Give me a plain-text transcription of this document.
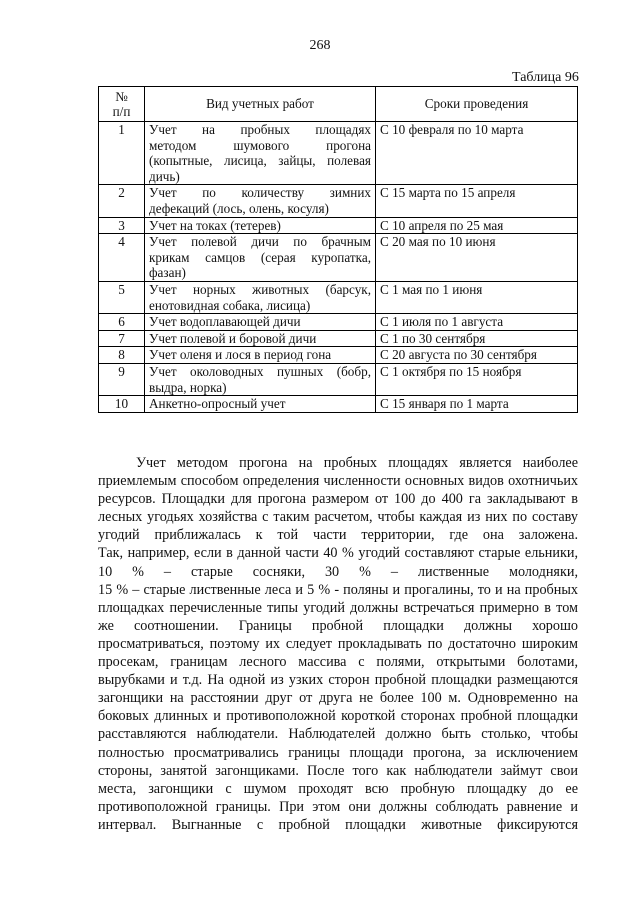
268
Таблица 96
№
п/п	Вид учетных работ	Сроки проведения
1	Учет на пробных площадях
методом шумового прогона
(копытные, лисица, зайцы, полевая
дичь)	С 10 февраля по 10 марта
2	Учет по количеству зимних
дефекаций (лось, олень, косуля)	С 15 марта по 15 апреля
3	Учет на токах (тетерев)	С 10 апреля по 25 мая
4	Учет полевой дичи по брачным
крикам самцов (серая куропатка,
фазан)	С 20 мая по 10 июня
5	Учет норных животных (барсук,
енотовидная собака, лисица)	С 1 мая по 1 июня
6	Учет водоплавающей дичи	С 1 июля по 1 августа
7	Учет полевой и боровой дичи	С 1 по 30 сентября
8	Учет оленя и лося в период гона	С 20 августа по 30 сентября
9	Учет околоводных пушных (бобр,
выдра, норка)	С 1 октября по 15 ноября
10	Анкетно-опросный учет	С 15 января по 1 марта
Учет методом прогона на пробных площадях является наиболее
приемлемым способом определения численности основных видов охотничьих
ресурсов. Площадки для прогона размером от 100 до 400 га закладывают в
лесных угодьях хозяйства с таким расчетом, чтобы каждая из них по составу
угодий приближалась к той части территории, где она заложена.
Так, например, если в данной части 40 % угодий составляют старые ельники,
10 % – старые сосняки, 30 % – лиственные молодняки,
15 % – старые лиственные леса и 5 % - поляны и прогалины, то и на пробных
площадках перечисленные типы угодий должны встречаться примерно в том
же соотношении. Границы пробной площадки должны хорошо
просматриваться, поэтому их следует прокладывать по достаточно широким
просекам, границам лесного массива с полями, открытыми болотами,
вырубками и т.д. На одной из узких сторон пробной площадки размещаются
загонщики на расстоянии друг от друга не более 100 м. Одновременно на
боковых длинных и противоположной короткой сторонах пробной площадки
расставляются наблюдатели. Наблюдателей должно быть столько, чтобы
полностью просматривались границы площади прогона, за исключением
стороны, занятой загонщиками. После того как наблюдатели займут свои
места, загонщики с шумом проходят всю пробную площадку до ее
противоположной границы. При этом они должны соблюдать равнение и
интервал. Выгнанные с пробной площадки животные фиксируются
